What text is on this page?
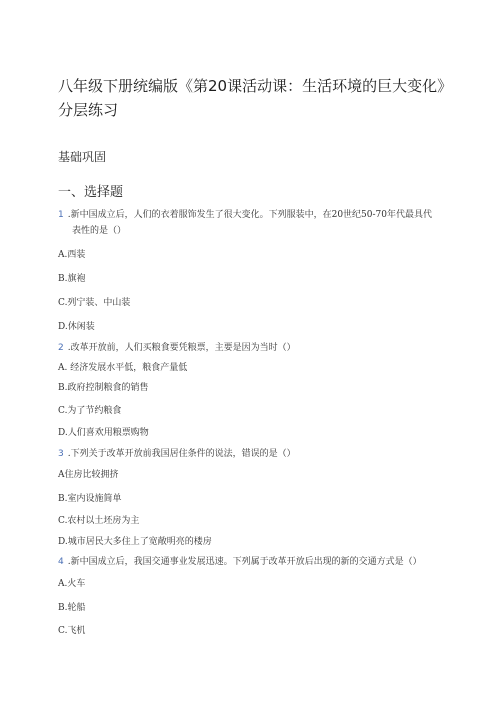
八年级下册统编版《第20课活动课：生活环境的巨大变化》
分层练习
基础巩固
一、选择题
1 .新中国成立后，人们的衣着服饰发生了很大变化。下列服装中，在20世纪50-70年代最具代
表性的是（）
A.西装
B.旗袍
C.列宁装、中山装
D.休闲装
2 .改革开放前，人们买粮食要凭粮票，主要是因为当时（）
A. 经济发展水平低，粮食产量低
B.政府控制粮食的销售
C.为了节约粮食
D.人们喜欢用粮票购物
3 .下列关于改革开放前我国居住条件的说法，错误的是（）
A住房比较拥挤
B.室内设施简单
C.农村以土坯房为主
D.城市居民大多住上了宽敞明亮的楼房
4 .新中国成立后，我国交通事业发展迅速。下列属于改革开放后出现的新的交通方式是（）
A.火车
B.轮船
C.飞机
